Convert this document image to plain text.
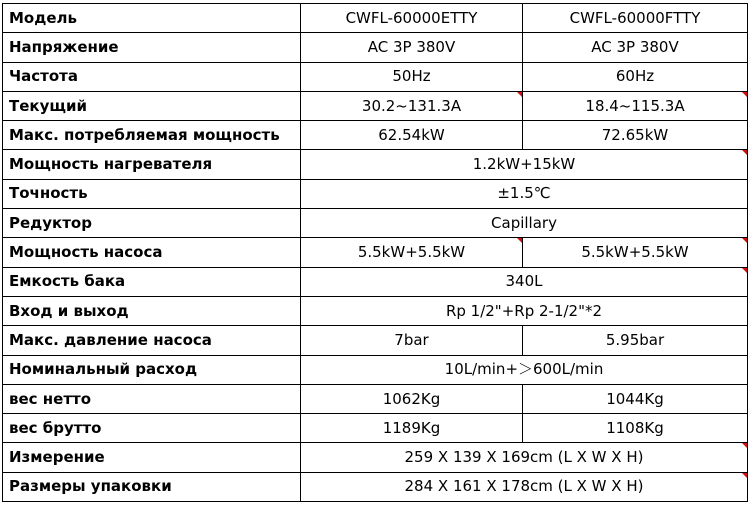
Модель	CWFL-60000ETTY	CWFL-60000FTTY
Напряжение	AC 3P 380V	AC 3P 380V
Частота	50Hz	60Hz
Текущий	30.2~131.3A	18.4~115.3A

Макс. потребляемая мощность	62.54kW	72.65kW
Мощность нагревателя	1.2kW+15kW	

Точность	±1.5℃	
Редуктор	Capillary	
Мощность насоса	5.5kW+5.5kW	5.5kW+5.5kW

Емкость бака	340L	

Вход и выход	Rp 1/2"+Rp 2-1/2"*2	
Макс. давление насоса	7bar	5.95bar
Номинальный расход	10L/min+＞600L/min	
вес нетто	1062Kg	1044Kg
вес брутто	1189Kg	1108Kg
Измерение	259 X 139 X 169cm (L X W X H)	

Размеры упаковки	284 X 161 X 178cm (L X W X H)	
